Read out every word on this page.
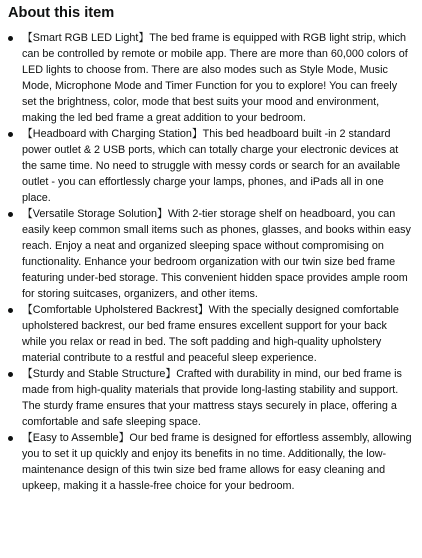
About this item
【Smart RGB LED Light】The bed frame is equipped with RGB light strip, which can be controlled by remote or mobile app. There are more than 60,000 colors of LED lights to choose from. There are also modes such as Style Mode, Music Mode, Microphone Mode and Timer Function for you to explore! You can freely set the brightness, color, mode that best suits your mood and environment, making the led bed frame a great addition to your bedroom.
【Headboard with Charging Station】This bed headboard built -in 2 standard power outlet & 2 USB ports, which can totally charge your electronic devices at the same time. No need to struggle with messy cords or search for an available outlet - you can effortlessly charge your lamps, phones, and iPads all in one place.
【Versatile Storage Solution】With 2-tier storage shelf on headboard, you can easily keep common small items such as phones, glasses, and books within easy reach. Enjoy a neat and organized sleeping space without compromising on functionality. Enhance your bedroom organization with our twin size bed frame featuring under-bed storage. This convenient hidden space provides ample room for storing suitcases, organizers, and other items.
【Comfortable Upholstered Backrest】With the specially designed comfortable upholstered backrest, our bed frame ensures excellent support for your back while you relax or read in bed. The soft padding and high-quality upholstery material contribute to a restful and peaceful sleep experience.
【Sturdy and Stable Structure】Crafted with durability in mind, our bed frame is made from high-quality materials that provide long-lasting stability and support. The sturdy frame ensures that your mattress stays securely in place, offering a comfortable and safe sleeping space.
【Easy to Assemble】Our bed frame is designed for effortless assembly, allowing you to set it up quickly and enjoy its benefits in no time. Additionally, the low-maintenance design of this twin size bed frame allows for easy cleaning and upkeep, making it a hassle-free choice for your bedroom.
